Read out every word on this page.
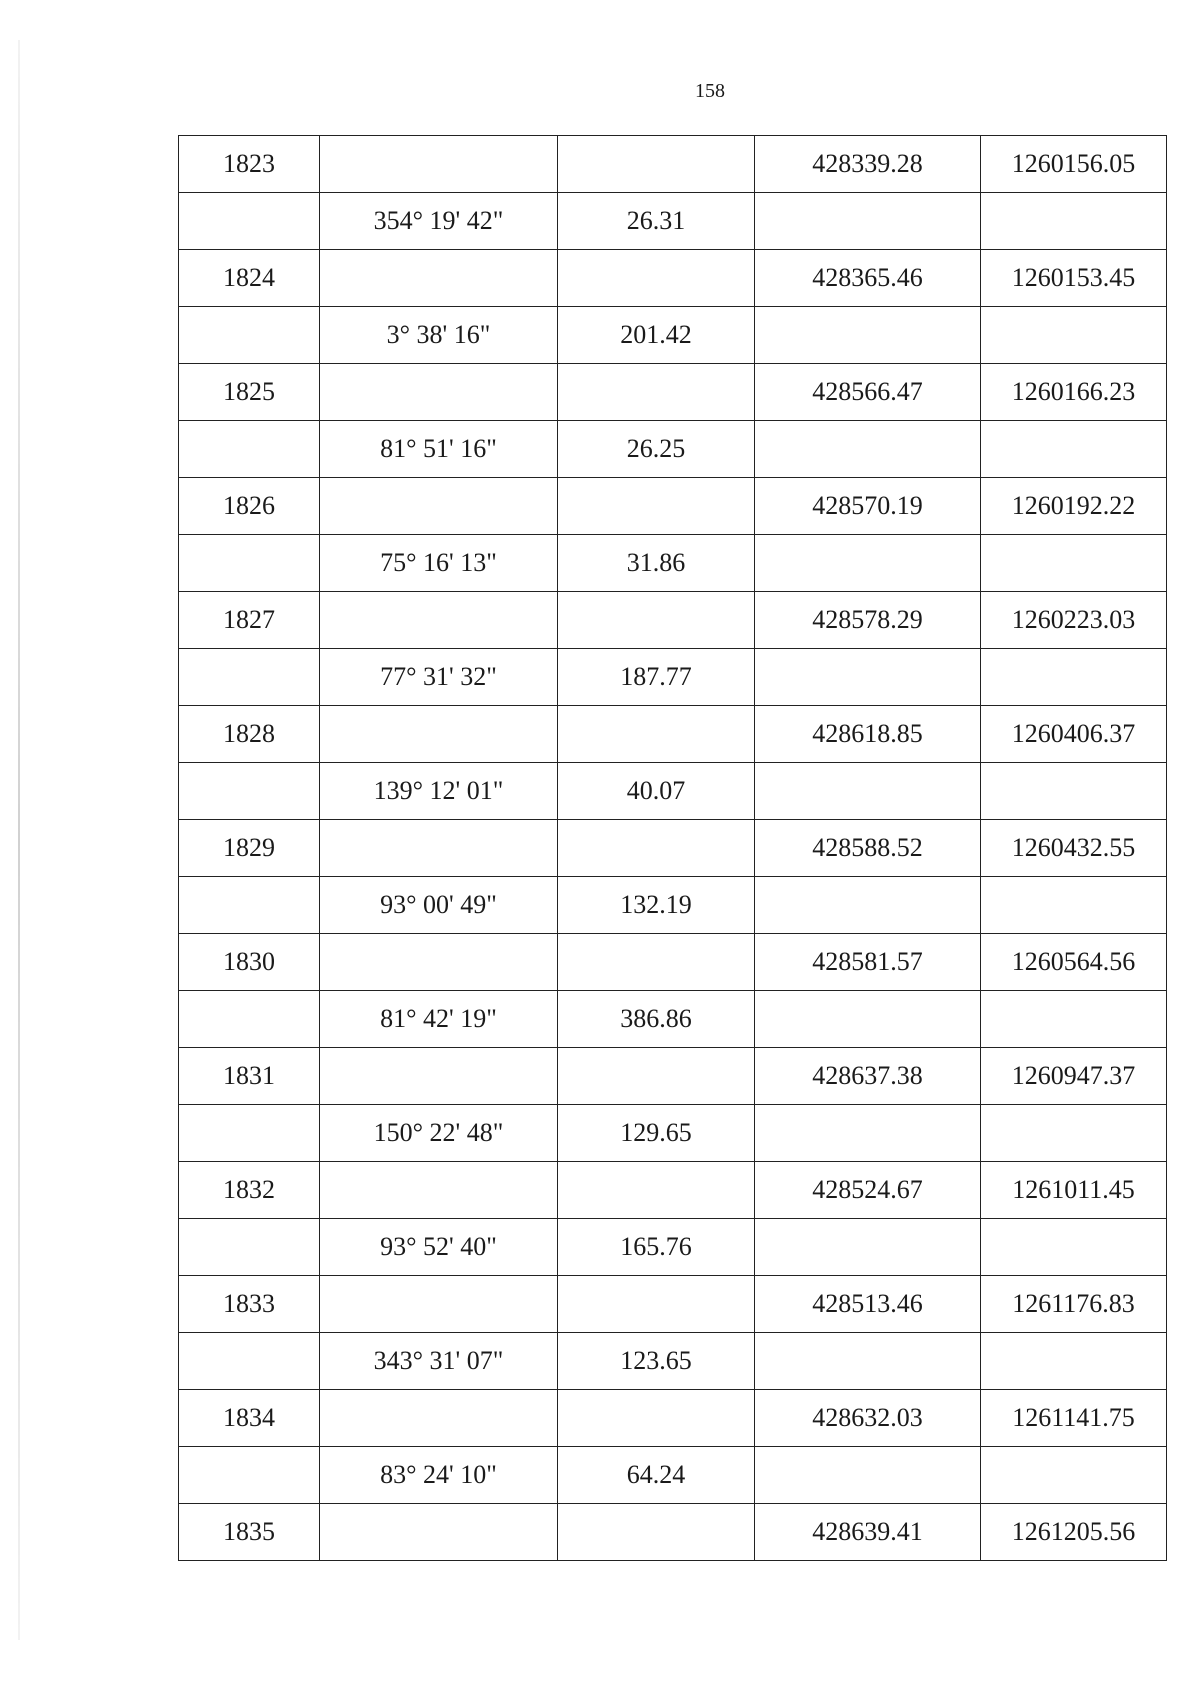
158
1823			428339.28	1260156.05
	354° 19' 42"	26.31		
1824			428365.46	1260153.45
	3° 38' 16"	201.42		
1825			428566.47	1260166.23
	81° 51' 16"	26.25		
1826			428570.19	1260192.22
	75° 16' 13"	31.86		
1827			428578.29	1260223.03
	77° 31' 32"	187.77		
1828			428618.85	1260406.37
	139° 12' 01"	40.07		
1829			428588.52	1260432.55
	93° 00' 49"	132.19		
1830			428581.57	1260564.56
	81° 42' 19"	386.86		
1831			428637.38	1260947.37
	150° 22' 48"	129.65		
1832			428524.67	1261011.45
	93° 52' 40"	165.76		
1833			428513.46	1261176.83
	343° 31' 07"	123.65		
1834			428632.03	1261141.75
	83° 24' 10"	64.24		
1835			428639.41	1261205.56
